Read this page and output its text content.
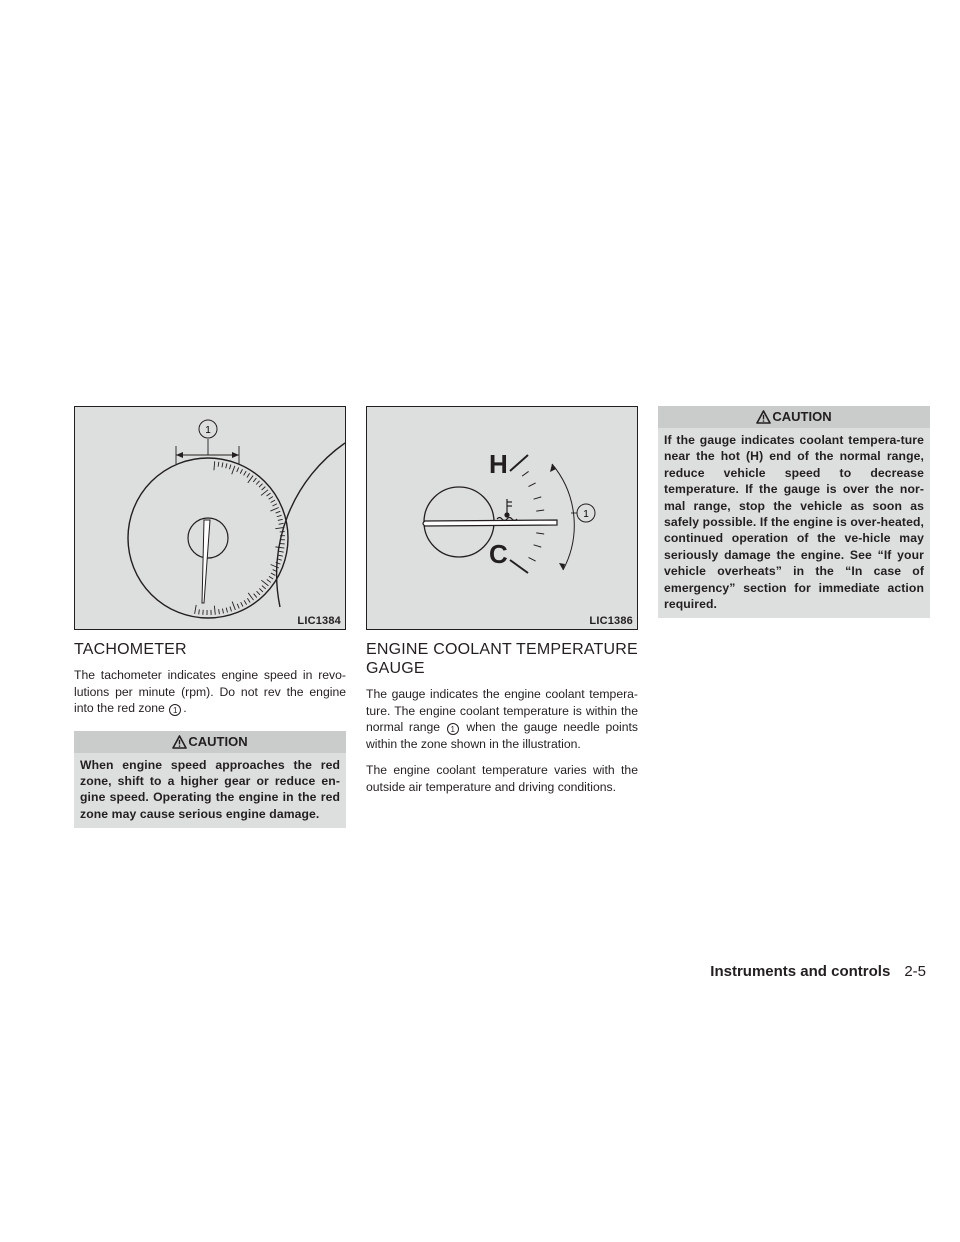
1
LIC1384
TACHOMETER

The tachometer indicates engine speed in revo-lutions per minute (rpm). Do not rev the engine into the red zone 1 .

CAUTION
When engine speed approaches the red zone, shift to a higher gear or reduce en-gine speed. Operating the engine in the red zone may cause serious engine damage.
H
C
1
LIC1386
ENGINE COOLANT TEMPERATURE GAUGE

The gauge indicates the engine coolant tempera-ture. The engine coolant temperature is within the normal range 1 when the gauge needle points within the zone shown in the illustration.

The engine coolant temperature varies with the outside air temperature and driving conditions.

CAUTION
If the gauge indicates coolant tempera-ture near the hot (H) end of the normal range, reduce vehicle speed to decrease temperature. If the gauge is over the nor-mal range, stop the vehicle as soon as safely possible. If the engine is over-heated, continued operation of the ve-hicle may seriously damage the engine. See “If your vehicle overheats” in the “In case of emergency” section for immediate action required.
Instruments and controls 2-5
